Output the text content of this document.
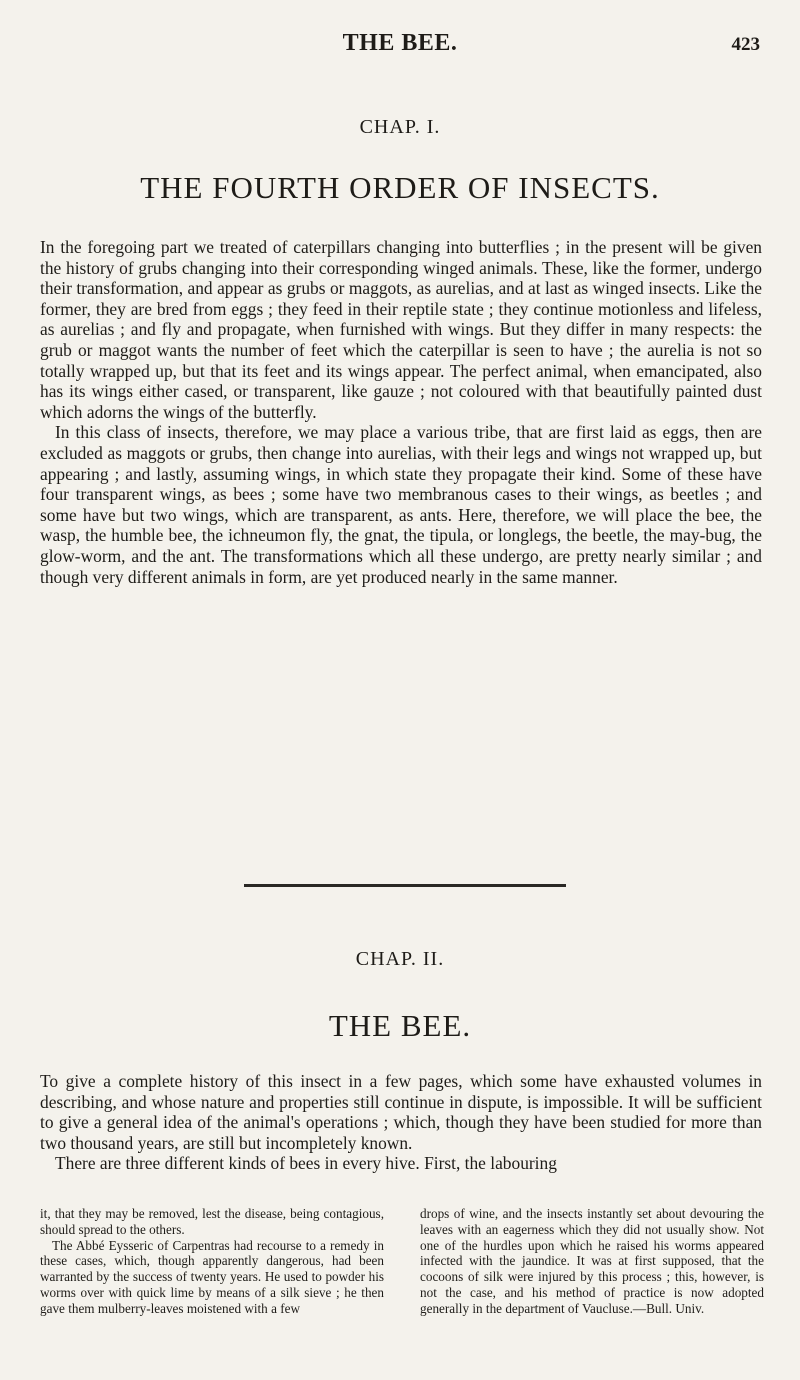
THE BEE.	423
CHAP. I.
THE FOURTH ORDER OF INSECTS.

In the foregoing part we treated of caterpillars changing into butterflies ; in the present will be given the history of grubs changing into their corresponding winged animals. These, like the former, undergo their transformation, and appear as grubs or maggots, as aurelias, and at last as winged insects. Like the former, they are bred from eggs ; they feed in their reptile state ; they continue motionless and lifeless, as aurelias ; and fly and propagate, when furnished with wings. But they differ in many respects: the grub or maggot wants the number of feet which the caterpillar is seen to have ; the aurelia is not so totally wrapped up, but that its feet and its wings appear. The perfect animal, when emancipated, also has its wings either cased, or transparent, like gauze ; not coloured with that beautifully painted dust which adorns the wings of the butterfly.

In this class of insects, therefore, we may place a various tribe, that are first laid as eggs, then are excluded as maggots or grubs, then change into aurelias, with their legs and wings not wrapped up, but appearing ; and lastly, assuming wings, in which state they propagate their kind. Some of these have four transparent wings, as bees ; some have two membranous cases to their wings, as beetles ; and some have but two wings, which are transparent, as ants. Here, therefore, we will place the bee, the wasp, the humble bee, the ichneumon fly, the gnat, the tipula, or longlegs, the beetle, the may-bug, the glow-worm, and the ant. The transformations which all these undergo, are pretty nearly similar ; and though very different animals in form, are yet produced nearly in the same manner.

CHAP. II.
THE BEE.

To give a complete history of this insect in a few pages, which some have exhausted volumes in describing, and whose nature and properties still continue in dispute, is impossible. It will be sufficient to give a general idea of the animal's operations ; which, though they have been studied for more than two thousand years, are still but incompletely known.

There are three different kinds of bees in every hive. First, the labouring

it, that they may be removed, lest the disease, being contagious, should spread to the others.

The Abbé Eysseric of Carpentras had recourse to a remedy in these cases, which, though apparently dangerous, had been warranted by the success of twenty years. He used to powder his worms over with quick lime by means of a silk sieve ; he then gave them mulberry-leaves moistened with a few

drops of wine, and the insects instantly set about devouring the leaves with an eagerness which they did not usually show. Not one of the hurdles upon which he raised his worms appeared infected with the jaundice. It was at first supposed, that the cocoons of silk were injured by this process ; this, however, is not the case, and his method of practice is now adopted generally in the department of Vaucluse.—Bull. Univ.
